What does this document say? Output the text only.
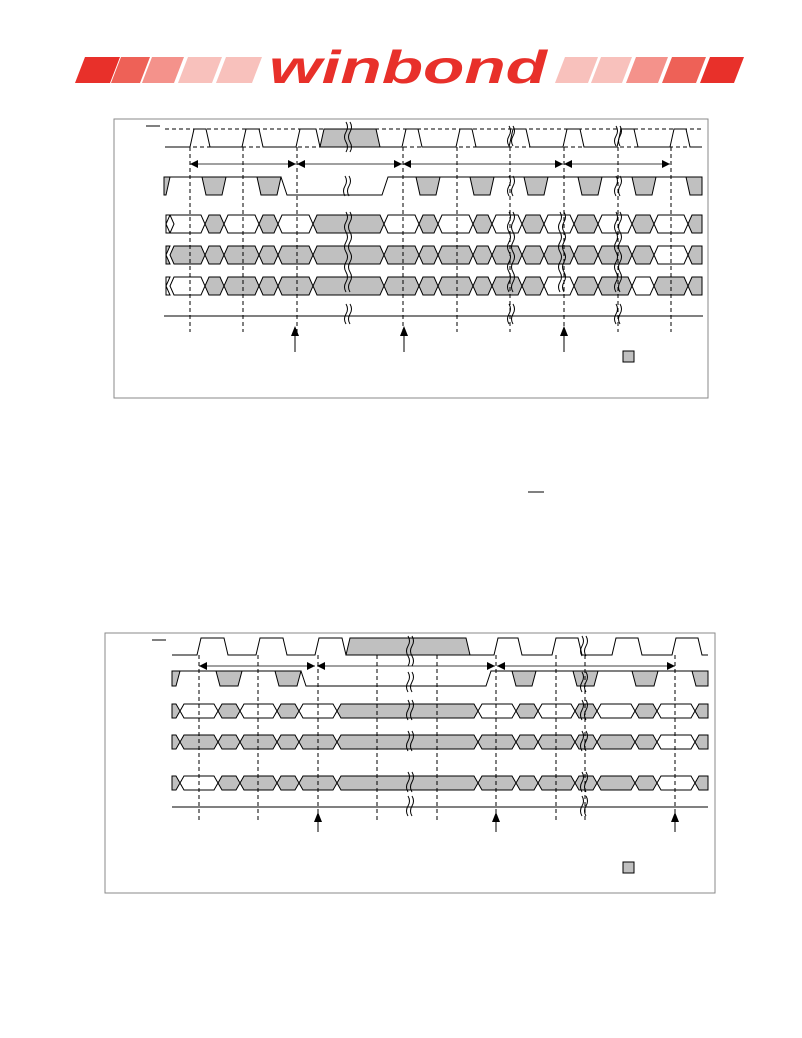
winbond
